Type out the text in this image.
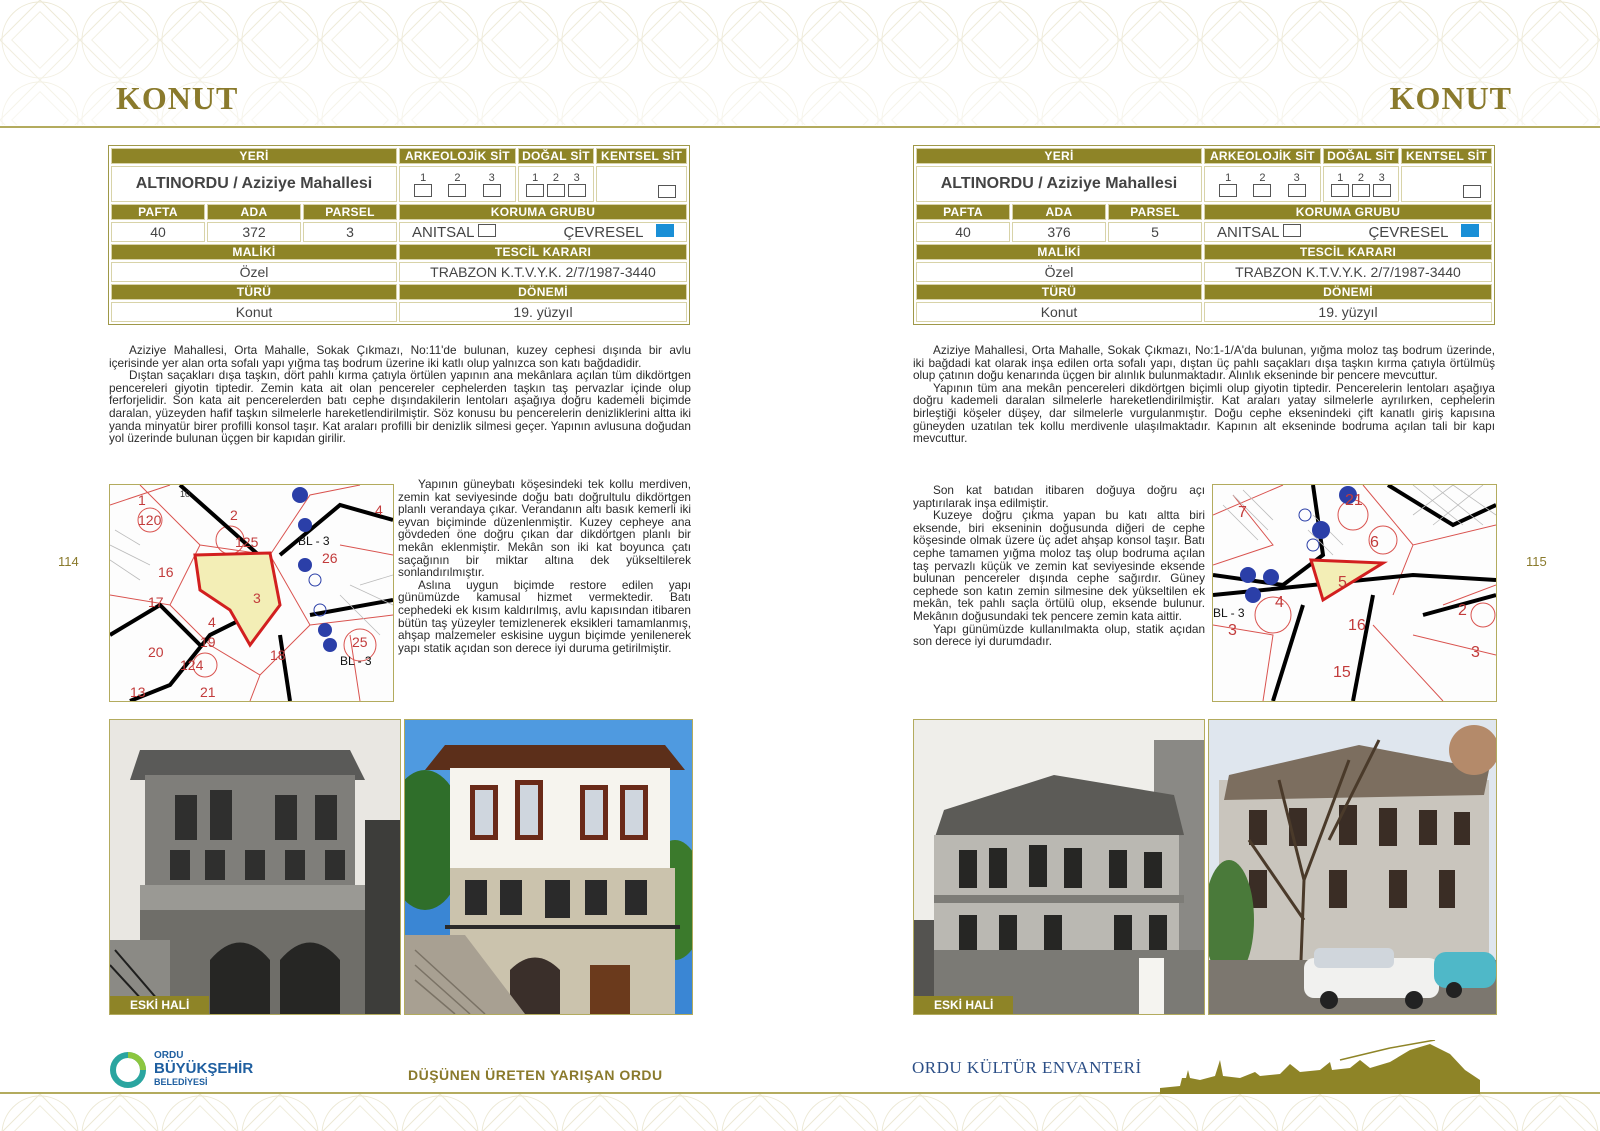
KONUT
YERİ			ARKEOLOJİK SİT	DOĞAL SİT	KENTSEL SİT
ALTINORDU / Aziziye Mahallesi			1 2 3	1 2 3	

PAFTA	ADA	PARSEL	KORUMA GRUBU		
40	372	3	ANITSAL ÇEVRESEL		

MALİKİ			TESCİL KARARI		
Özel			TRABZON K.T.V.Y.K. 2/7/1987-3440		
TÜRÜ			DÖNEMİ		
Konut			19. yüzyıl		

Aziziye Mahallesi, Orta Mahalle, Sokak Çıkmazı, No:11'de bulunan, kuzey cephesi dışında bir avlu içerisinde yer alan orta sofalı yapı yığma taş bodrum üzerine iki katlı olup yalnızca son katı bağdadidir.

Dıştan saçakları dışa taşkın, dört pahlı kırma çatıyla örtülen yapının ana mekânlara açılan tüm dikdörtgen pencereleri giyotin tiptedir. Zemin kata ait olan pencereler cephelerden taşkın taş pervazlar içinde olup ferforjelidir. Son kata ait pencerelerden batı cephe dışındakilerin lentoları aşağıya doğru kademeli biçimde daralan, yüzeyden hafif taşkın silmelerle hareketlendirilmiştir. Söz konusu bu pencerelerin denizliklerini altta iki yanda minyatür birer profilli konsol taşır. Kat araları profilli bir denizlik silmesi geçer. Yapının avlusuna doğudan yol üzerinde bulunan üçgen bir kapıdan girilir.

1	10
120	2	4
125	BL - 3
26
16
3
17
4
19
20
124
18
25
BL - 3
13	21

Yapının güneybatı köşesindeki tek kollu merdiven, zemin kat seviyesinde doğu batı doğrultulu dikdörtgen planlı verandaya çıkar. Verandanın altı basık kemerli iki eyvan biçiminde düzenlenmiştir. Kuzey cepheye ana gövdeden öne doğru çıkan dar dikdörtgen planlı bir mekân eklenmiştir. Mekân son iki kat boyunca çatı saçağının bir miktar altına dek yükseltilerek sonlandırılmıştır.

Aslına uygun biçimde restore edilen yapı günümüzde kamusal hizmet vermektedir. Batı cephedeki ek kısım kaldırılmış, avlu kapısından itibaren bütün taş yüzeyler temizlenerek eksikleri tamamlanmış, ahşap malzemeler eskisine uygun biçimde yenilenerek yapı statik açıdan son derece iyi duruma getirilmiştir.

114
ESKİ HALİ
ORDU
BÜYÜKŞEHİR
BELEDİYESİ	DÜŞÜNEN ÜRETEN YARIŞAN ORDU
KONUT
YERİ			ARKEOLOJİK SİT	DOĞAL SİT	KENTSEL SİT
ALTINORDU / Aziziye Mahallesi			1 2 3	1 2 3	

PAFTA	ADA	PARSEL	KORUMA GRUBU		
40	376	5	ANITSAL ÇEVRESEL		

MALİKİ			TESCİL KARARI		
Özel			TRABZON K.T.V.Y.K. 2/7/1987-3440		
TÜRÜ			DÖNEMİ		
Konut			19. yüzyıl		

Aziziye Mahallesi, Orta Mahalle, Sokak Çıkmazı, No:1-1/A'da bulunan, yığma moloz taş bodrum üzerinde, iki bağdadi kat olarak inşa edilen orta sofalı yapı, dıştan üç pahlı saçakları dışa taşkın kırma çatıyla örtülmüş olup çatının doğu kenarında üçgen bir alınlık bulunmaktadır. Alınlık ekseninde bir pencere mevcuttur.

Yapının tüm ana mekân pencereleri dikdörtgen biçimli olup giyotin tiptedir. Pencerelerin lentoları aşağıya doğru kademeli daralan silmelerle hareketlendirilmiştir. Kat araları yatay silmelerle ayrılırken, cephelerin birleştiği köşeler düşey, dar silmelerle vurgulanmıştır. Doğu cephe eksenindeki çift kanatlı giriş kapısına güneyden uzatılan tek kollu merdivenle ulaşılmaktadır. Kapının alt ekseninde bodruma açılan tali bir kapı mevcuttur.

Son kat batıdan itibaren doğuya doğru açı yaptırılarak inşa edilmiştir.

Kuzeye doğru çıkma yapan bu katı altta biri eksende, biri ekseninin doğusunda diğeri de cephe köşesinde olmak üzere üç adet ahşap konsol taşır. Batı cephe tamamen yığma moloz taş olup bodruma açılan taş pervazlı küçük ve zemin kat seviyesinde eksende bulunan pencereler dışında cephe sağırdır. Güney cephede son katın zemin silmesine dek yükseltilen ek mekân, tek pahlı saçla örtülü olup, eksende bulunur. Mekânın doğusundaki tek pencere zemin kata aittir.

Yapı günümüzde kullanılmakta olup, statik açıdan son derece iyi durumdadır.

7
21
6
5
4
BL - 3
3	16
2
3
15
115
ESKİ HALİ
ORDU KÜLTÜR ENVANTERİ
